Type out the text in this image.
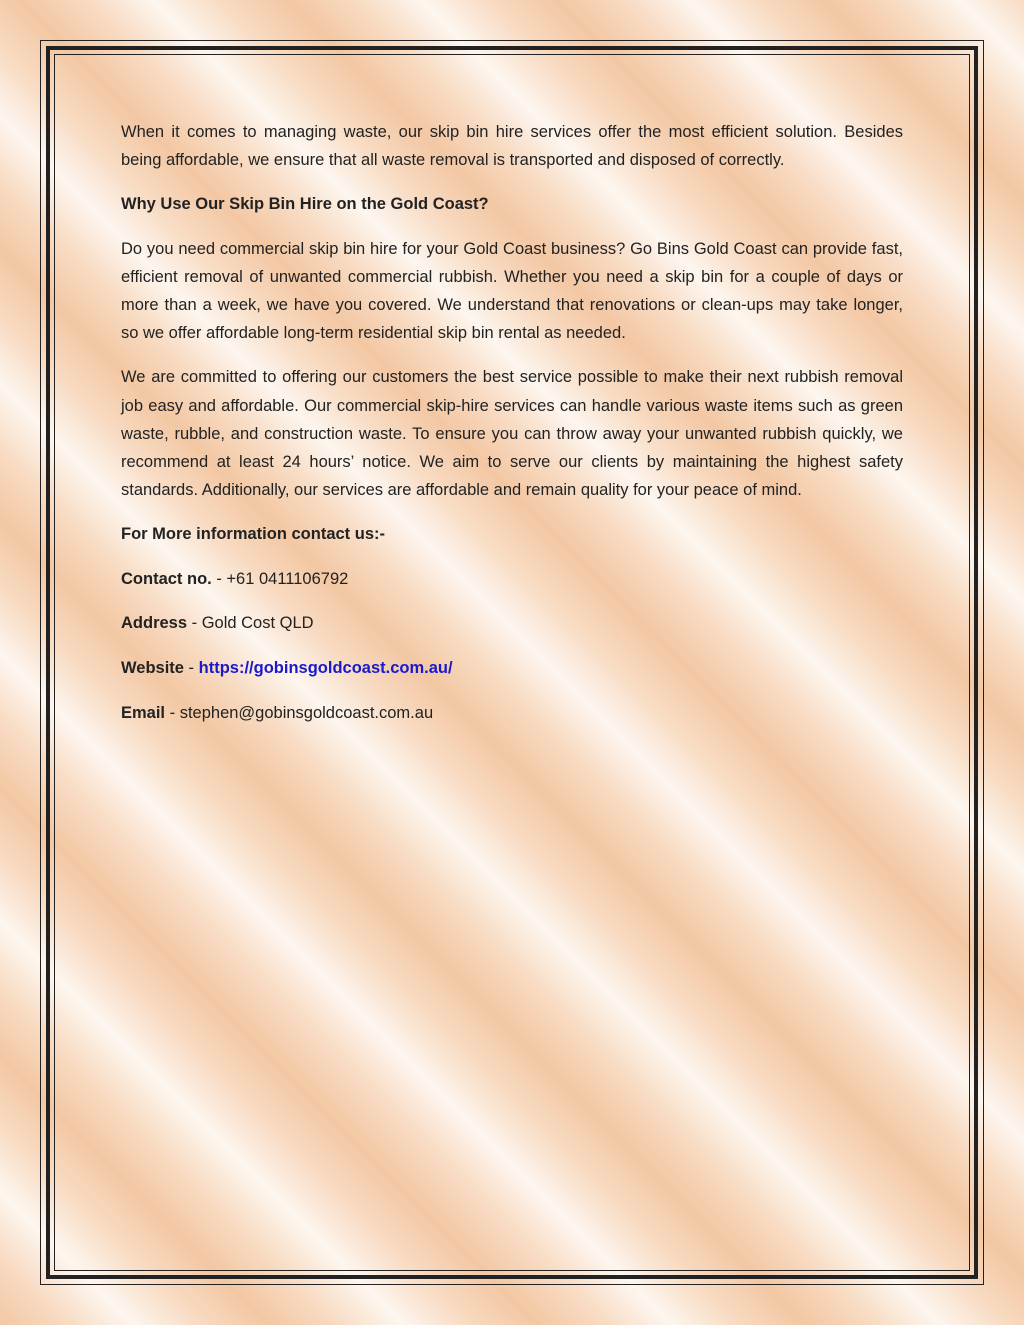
When it comes to managing waste, our skip bin hire services offer the most efficient solution. Besides being affordable, we ensure that all waste removal is transported and disposed of correctly.

Why Use Our Skip Bin Hire on the Gold Coast?

Do you need commercial skip bin hire for your Gold Coast business? Go Bins Gold Coast can provide fast, efficient removal of unwanted commercial rubbish. Whether you need a skip bin for a couple of days or more than a week, we have you covered. We understand that renovations or clean-ups may take longer, so we offer affordable long-term residential skip bin rental as needed.

We are committed to offering our customers the best service possible to make their next rubbish removal job easy and affordable. Our commercial skip-hire services can handle various waste items such as green waste, rubble, and construction waste. To ensure you can throw away your unwanted rubbish quickly, we recommend at least 24 hours’ notice. We aim to serve our clients by maintaining the highest safety standards. Additionally, our services are affordable and remain quality for your peace of mind.

For More information contact us:-

Contact no. - +61 0411106792

Address - Gold Cost QLD

Website - https://gobinsgoldcoast.com.au/

Email - stephen@gobinsgoldcoast.com.au
